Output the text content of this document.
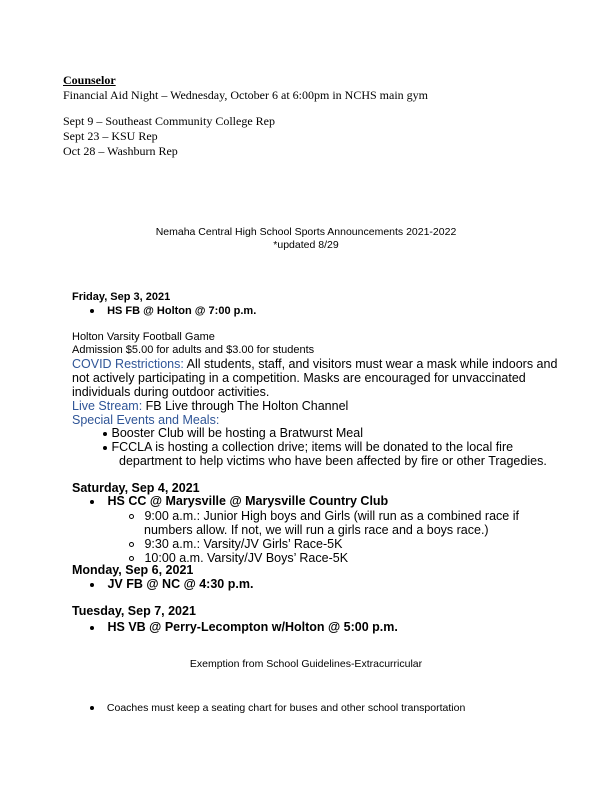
Counselor
Financial Aid Night – Wednesday, October 6 at 6:00pm in NCHS main gym
Sept 9 – Southeast Community College Rep
Sept 23 – KSU Rep
Oct 28 – Washburn Rep
Nemaha Central High School Sports Announcements 2021-2022
*updated 8/29
Friday, Sep 3, 2021
HS FB @ Holton @ 7:00 p.m.
Holton Varsity Football Game
Admission $5.00 for adults and $3.00 for students
COVID Restrictions: All students, staff, and visitors must wear a mask while indoors and
not actively participating in a competition. Masks are encouraged for unvaccinated
individuals during outdoor activities.
Live Stream: FB Live through The Holton Channel
Special Events and Meals:
Booster Club will be hosting a Bratwurst Meal
FCCLA is hosting a collection drive; items will be donated to the local fire
department to help victims who have been affected by fire or other Tragedies.
Saturday, Sep 4, 2021
HS CC @ Marysville @ Marysville Country Club
9:00 a.m.: Junior High boys and Girls (will run as a combined race if
numbers allow. If not, we will run a girls race and a boys race.)
9:30 a.m.: Varsity/JV Girls’ Race-5K
10:00 a.m. Varsity/JV Boys’ Race-5K
Monday, Sep 6, 2021
JV FB @ NC @ 4:30 p.m.
Tuesday, Sep 7, 2021
HS VB @ Perry-Lecompton w/Holton @ 5:00 p.m.
Exemption from School Guidelines-Extracurricular
Coaches must keep a seating chart for buses and other school transportation
